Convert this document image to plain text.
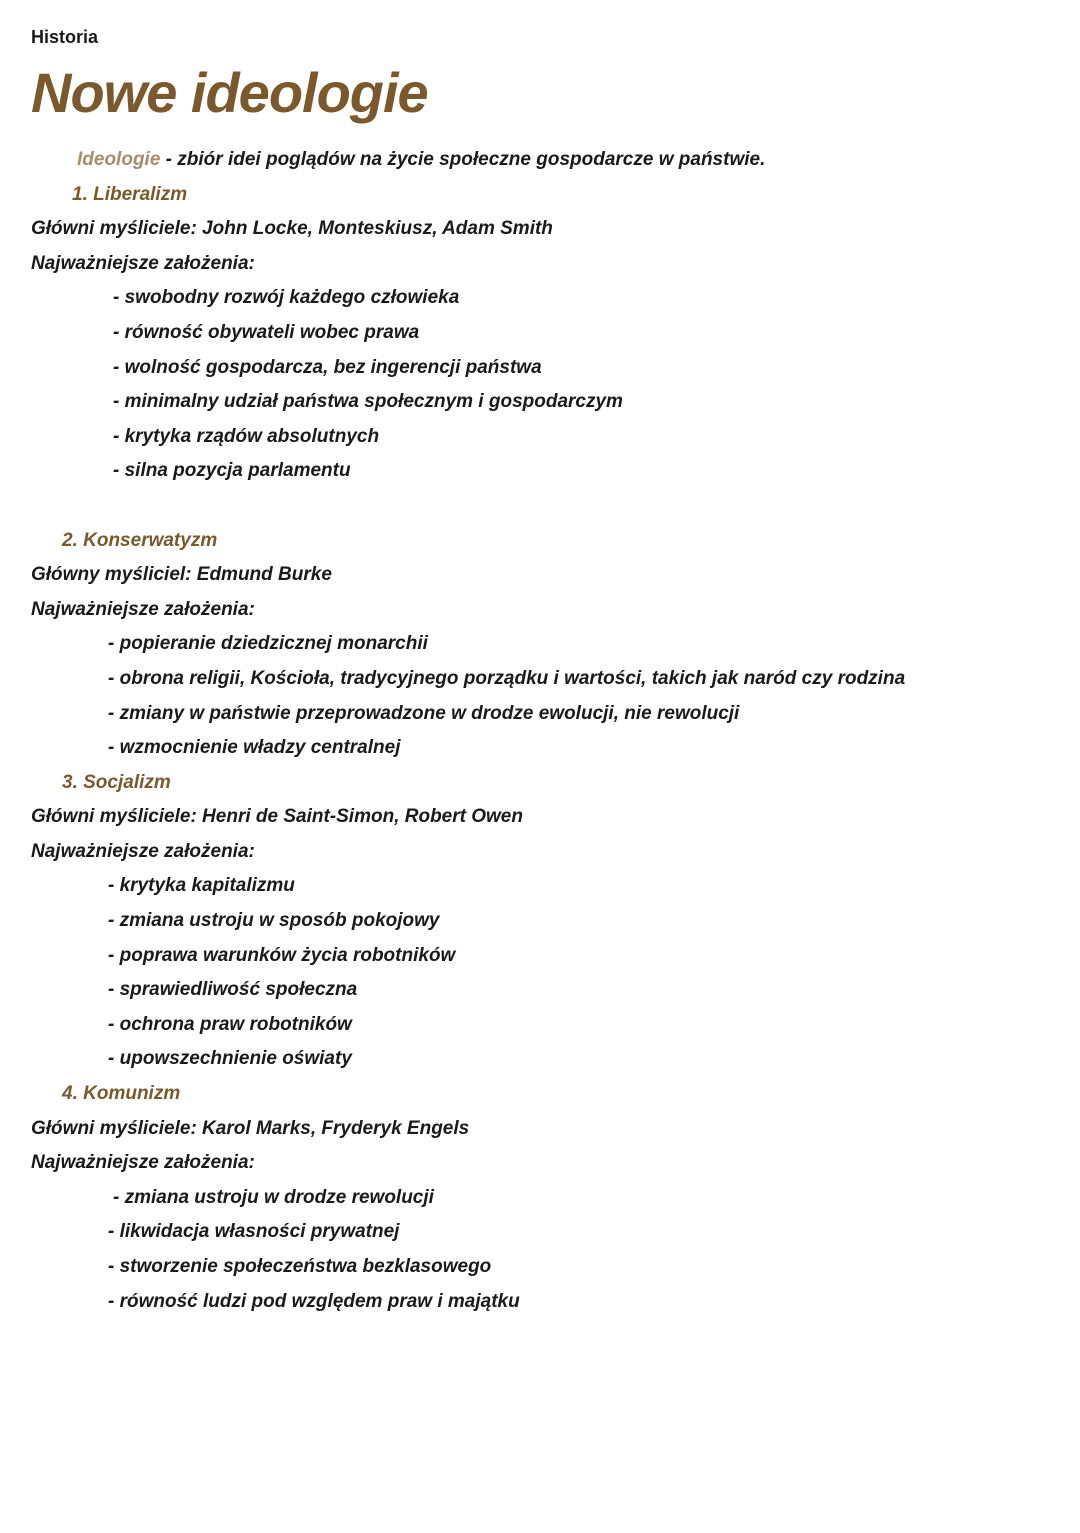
Historia
Nowe ideologie
Ideologie - zbiór idei poglądów na życie społeczne gospodarcze w państwie.
1. Liberalizm
Główni myśliciele: John Locke, Monteskiusz, Adam Smith
Najważniejsze założenia:
- swobodny rozwój każdego człowieka
- równość obywateli wobec prawa
- wolność gospodarcza, bez ingerencji państwa
- minimalny udział państwa społecznym i gospodarczym
- krytyka rządów absolutnych
- silna pozycja parlamentu
2. Konserwatyzm
Główny myśliciel: Edmund Burke
Najważniejsze założenia:
- popieranie dziedzicznej monarchii
- obrona religii, Kościoła, tradycyjnego porządku i wartości, takich jak naród czy rodzina
- zmiany w państwie przeprowadzone w drodze ewolucji, nie rewolucji
- wzmocnienie władzy centralnej
3. Socjalizm
Główni myśliciele: Henri de Saint-Simon, Robert Owen
Najważniejsze założenia:
- krytyka kapitalizmu
- zmiana ustroju w sposób pokojowy
- poprawa warunków życia robotników
- sprawiedliwość społeczna
- ochrona praw robotników
- upowszechnienie oświaty
4. Komunizm
Główni myśliciele: Karol Marks, Fryderyk Engels
Najważniejsze założenia:
- zmiana ustroju w drodze rewolucji
- likwidacja własności prywatnej
- stworzenie społeczeństwa bezklasowego
- równość ludzi pod względem praw i majątku
